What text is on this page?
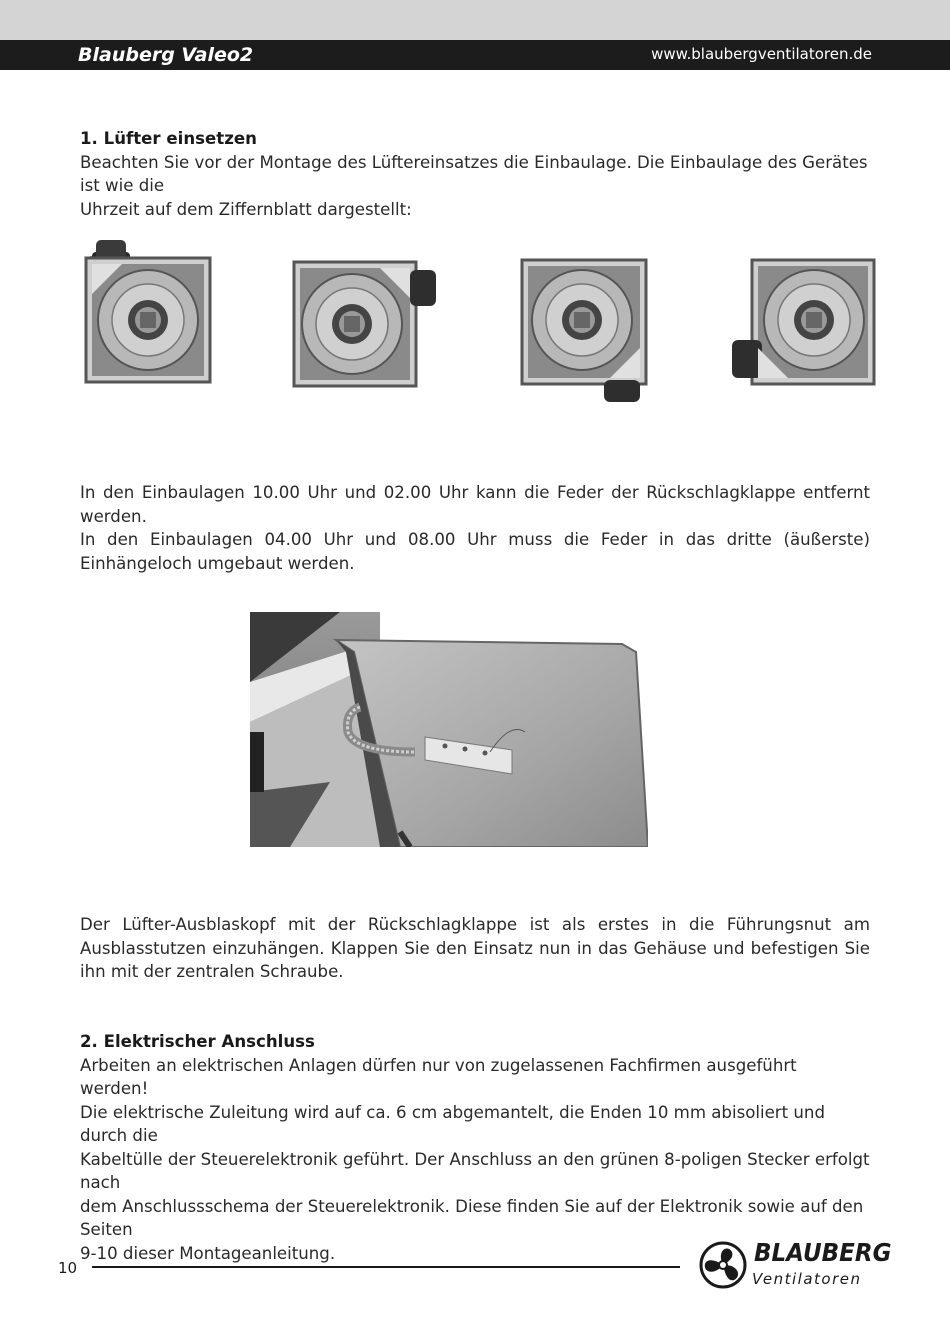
Blauberg Valeo2	www.blaubergventilatoren.de
1. Lüfter einsetzen
Beachten Sie vor der Montage des Lüftereinsatzes die Einbaulage. Die Einbaulage des Gerätes ist wie die
Uhrzeit auf dem Ziffernblatt dargestellt:

In den Einbaulagen 10.00 Uhr und 02.00 Uhr kann die Feder der Rückschlagklappe entfernt werden.

In den Einbaulagen 04.00 Uhr und 08.00 Uhr muss die Feder in das dritte (äußerste) Einhängeloch umgebaut werden.

Der Lüfter-Ausblaskopf mit der Rückschlagklappe ist als erstes in die Führungsnut am Ausblasstutzen einzuhängen. Klappen Sie den Einsatz nun in das Gehäuse und befestigen Sie ihn mit der zentralen Schraube.
2. Elektrischer Anschluss
Arbeiten an elektrischen Anlagen dürfen nur von zugelassenen Fachfirmen ausgeführt werden!
Die elektrische Zuleitung wird auf ca. 6 cm abgemantelt, die Enden 10 mm abisoliert und durch die
Kabeltülle der Steuerelektronik geführt. Der Anschluss an den grünen 8-poligen Stecker erfolgt nach
dem Anschlussschema der Steuerelektronik. Diese finden Sie auf der Elektronik sowie auf den Seiten
9-10 dieser Montageanleitung.
10
BLAUBERG
Ventilatoren
